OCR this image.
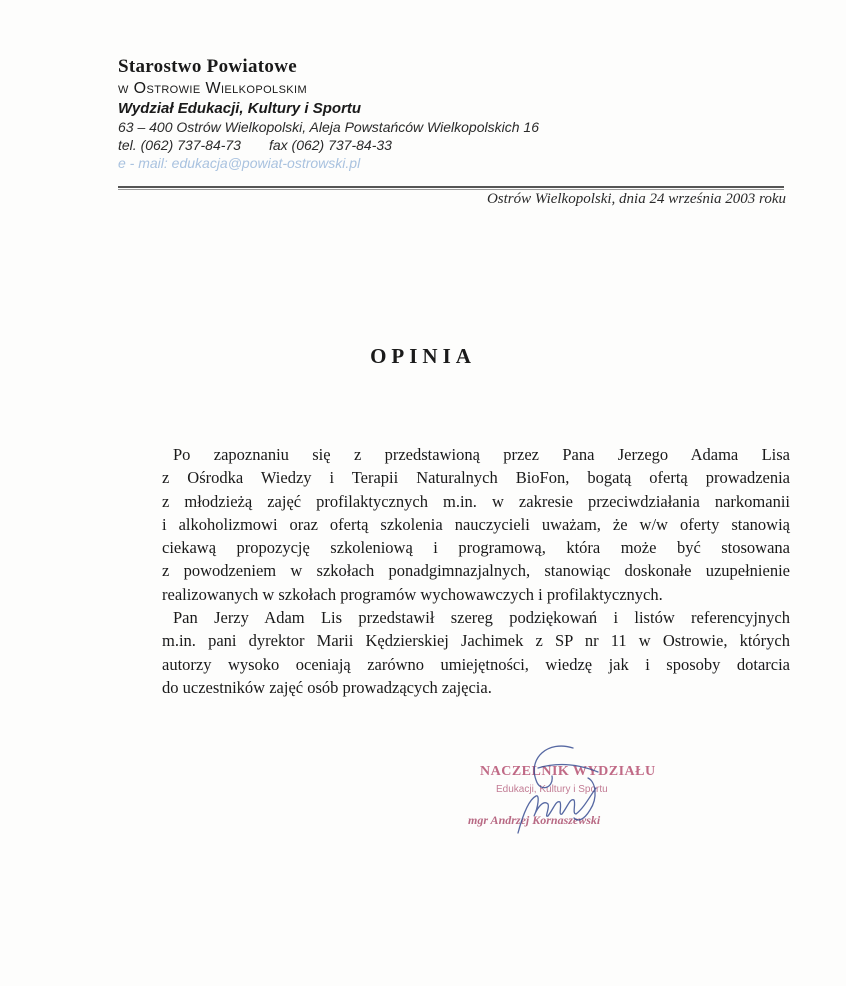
Starostwo Powiatowe
w Ostrowie Wielkopolskim
Wydział Edukacji, Kultury i Sportu
63 – 400 Ostrów Wielkopolski, Aleja Powstańców Wielkopolskich 16
tel. (062) 737-84-73 fax (062) 737-84-33
e - mail: edukacja@powiat-ostrowski.pl
Ostrów Wielkopolski, dnia 24 września 2003 roku
OPINIA

Po zapoznaniu się z przedstawioną przez Pana Jerzego Adama Lisa
z Ośrodka Wiedzy i Terapii Naturalnych BioFon, bogatą ofertą prowadzenia
z młodzieżą zajęć profilaktycznych m.in. w zakresie przeciwdziałania narkomanii
i alkoholizmowi oraz ofertą szkolenia nauczycieli uważam, że w/w oferty stanowią
ciekawą propozycję szkoleniową i programową, która może być stosowana
z powodzeniem w szkołach ponadgimnazjalnych, stanowiąc doskonałe uzupełnienie
realizowanych w szkołach programów wychowawczych i profilaktycznych.

Pan Jerzy Adam Lis przedstawił szereg podziękowań i listów referencyjnych
m.in. pani dyrektor Marii Kędzierskiej Jachimek z SP nr 11 w Ostrowie, których
autorzy wysoko oceniają zarówno umiejętności, wiedzę jak i sposoby dotarcia
do uczestników zajęć osób prowadzących zajęcia.

NACZELNIK WYDZIAŁU
Edukacji, Kultury i Sportu
mgr Andrzej Kornaszewski
